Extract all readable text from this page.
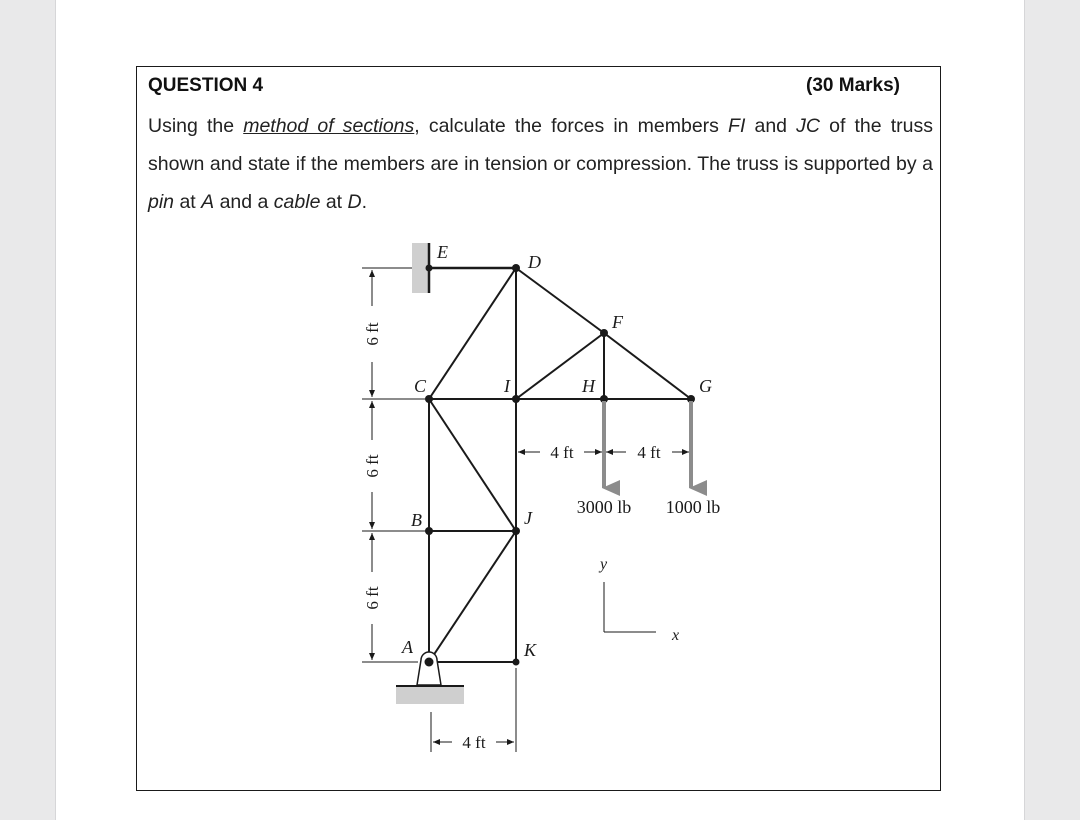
QUESTION 4	(30 Marks)
Using the method of sections, calculate the forces in members FI and JC of the truss shown and state if the members are in tension or compression. The truss is supported by a pin at A and a cable at D.
E	D
F
C	I	H	G
B	J
A	K
6 ft
6 ft
6 ft
4 ft	4 ft
3000 lb 1000 lb
y
x
4 ft
